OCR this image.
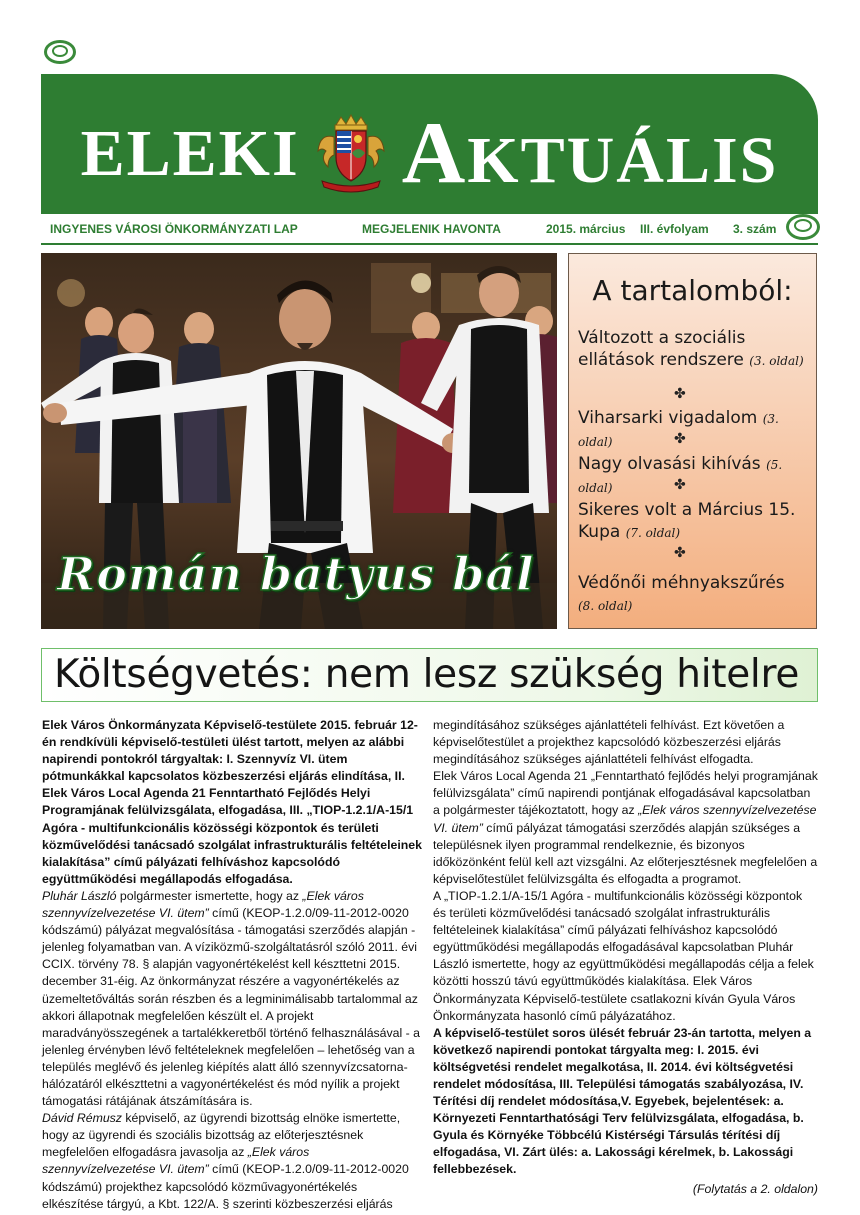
ELEKI AKTUÁLIS
INGYENES VÁROSI ÖNKORMÁNYZATI LAP	MEGJELENIK HAVONTA	2015. március III. évfolyam 3. szám
Román batyus bál
A tartalomból:
Változott a szociális ellátások rendszere (3. oldal)
✤
Viharsarki vigadalom (3. oldal)	✤
Nagy olvasási kihívás (5. oldal)	✤
Sikeres volt a Március 15. Kupa (7. oldal)
✤
Védőnői méhnyakszűrés
(8. oldal)
Költségvetés: nem lesz szükség hitelre

Elek Város Önkormányzata Képviselő-testülete 2015. február 12-én rendkívüli képviselő-testületi ülést tartott, melyen az alábbi napirendi pontokról tárgyaltak: I. Szennyvíz VI. ütem pótmunkákkal kapcsolatos közbeszerzési eljárás elindítása, II. Elek Város Local Agenda 21 Fenntartható Fejlődés Helyi Programjának felülvizsgálata, elfogadása, III. „TIOP-1.2.1/A-15/1 Agóra - multifunkcionális közösségi központok és területi közművelődési tanácsadó szolgálat infrastrukturális feltételeinek kialakítása” című pályázati felhíváshoz kapcsolódó együttműködési megállapodás elfogadása.

Pluhár László polgármester ismertette, hogy az „Elek város szennyvízelvezetése VI. ütem” című (KEOP-1.2.0/09-11-2012-0020 kódszámú) pályázat megvalósítása - támogatási szerződés alapján - jelenleg folyamatban van. A víziközmű-szolgáltatásról szóló 2011. évi CCIX. törvény 78. § alapján vagyonértékelést kell készttetni 2015. december 31-éig. Az önkormányzat részére a vagyonértékelés az üzemeltetőváltás során részben és a legminimálisabb tartalommal az akkori állapotnak megfelelően készült el. A projekt maradványösszegének a tartalékkeretből történő felhasználásával - a jelenleg érvényben lévő feltételeknek megfelelően – lehetőség van a település meglévő és jelenleg kiépítés alatt álló szennyvízcsatorna-hálózatáról elkészttetni a vagyonértékelést és mód nyílik a projekt támogatási rátájának átszámítására is.

Dávid Rémusz képviselő, az ügyrendi bizottság elnöke ismertette, hogy az ügyrendi és szociális bizottság az előterjesztésnek megfelelően elfogadásra javasolja az „Elek város szennyvízelvezetése VI. ütem” című (KEOP-1.2.0/09-11-2012-0020 kódszámú) projekthez kapcsolódó közművagyonértékelés elkészítése tárgyú, a Kbt. 122/A. § szerinti közbeszerzési eljárás

megindításához szükséges ajánlattételi felhívást. Ezt követően a képviselőtestület a projekthez kapcsolódó közbeszerzési eljárás megindításához szükséges ajánlattételi felhívást elfogadta.

Elek Város Local Agenda 21 „Fenntartható fejlődés helyi programjának felülvizsgálata” című napirendi pontjának elfogadásával kapcsolatban a polgármester tájékoztatott, hogy az „Elek város szennyvízelvezetése VI. ütem” című pályázat támogatási szerződés alapján szükséges a településnek ilyen programmal rendelkeznie, és bizonyos időközönként felül kell azt vizsgálni. Az előterjesztésnek megfelelően a képviselőtestület felülvizsgálta és elfogadta a programot.

A „TIOP-1.2.1/A-15/1 Agóra - multifunkcionális közösségi központok és területi közművelődési tanácsadó szolgálat infrastrukturális feltételeinek kialakítása” című pályázati felhíváshoz kapcsolódó együttműködési megállapodás elfogadásával kapcsolatban Pluhár László ismertette, hogy az együttműködési megállapodás célja a felek közötti hosszú távú együttműködés kialakítása. Elek Város Önkormányzata Képviselő-testülete csatlakozni kíván Gyula Város Önkormányzata hasonló című pályázatához.

A képviselő-testület soros ülését február 23-án tartotta, melyen a következő napirendi pontokat tárgyalta meg: I. 2015. évi költségvetési rendelet megalkotása, II. 2014. évi költségvetési rendelet módosítása, III. Települési támogatás szabályozása, IV. Térítési díj rendelet módosítása,V. Egyebek, bejelentések: a. Környezeti Fenntarthatósági Terv felülvizsgálata, elfogadása, b. Gyula és Környéke Többcélú Kistérségi Társulás térítési díj elfogadása, VI. Zárt ülés: a. Lakossági kérelmek, b. Lakossági fellebbezések.

(Folytatás a 2. oldalon)
